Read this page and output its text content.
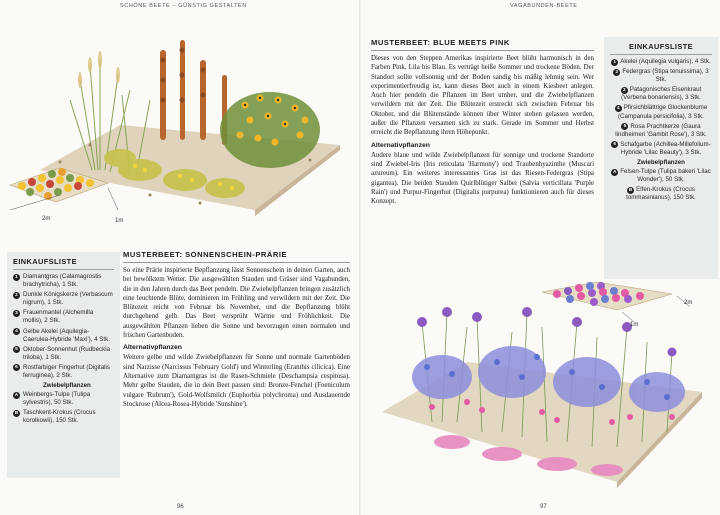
SCHÖNE BEETE – GÜNSTIG GESTALTEN	VAGABUNDEN-BEETE
2m	1m
EINKAUFSLISTE
1 Diamantgras (Calamagrostis brachytricha), 1 Stk.
2 Dunkle Königskerze (Verbascum nigrum), 1 Stk.
3 Frauenmantel (Alchemilla mollis), 2 Stk.
4 Gelbe Akelei (Aquilegia-Caerulea-Hybride 'Maxi'), 4 Stk.
5 Oktober-Sonnenhut (Rudbeckia triloba), 1 Stk.
6 Rostfarbiger Fingerhut (Digitalis ferruginea), 2 Stk.
Zwiebelpflanzen
A Weinbergs-Tulpe (Tulipa sylvestris), 50 Stk.
B Taschkent-Krokus (Crocus korolkowii), 150 Stk.
MUSTERBEET: SONNENSCHEIN-PRÄRIE

So eine Prärie inspirierte Bepflanzung lässt Sonnenschein in deinen Garten, auch bei bewölktem Wetter. Die ausgewählten Stauden und Gräser sind Vagabunden, die in den Jahren durch das Beet pendeln. Die Zwiebelpflanzen bringen zusätzlich eine leuchtende Blüte, dominieren im Frühling und verwildern mit der Zeit. Die Blütezeit reicht von Februar bis November, und die Bepflanzung blüht durchgehend gelb. Das Beet versprüht Wärme und Fröhlichkeit. Die ausgewählten Pflanzen lieben die Sonne und bevorzugen einen normalen und frischen Gartenboden.

Alternativpflanzen

Weitere gelbe und wilde Zwiebelpflanzen für Sonne und normale Gartenböden sind Narzisse (Narcissus 'February Gold') und Winterling (Eranthis cilicica). Eine Alternative zum Diamantgras ist die Rasen-Schmiele (Deschampsia cespitosa). Mehr gelbe Stauden, die in dein Beet passen sind: Bronze-Fenchel (Foeniculum vulgare 'Rubrum'), Gold-Wolfsmilch (Euphorbia polychroma) und Ausdauernde Stockrose (Alcea-Rosea-Hybride 'Sunshine').

96
MUSTERBEET: BLUE MEETS PINK

Dieses von den Steppen Amerikas inspirierte Beet blüht harmonisch in den Farben Pink, Lila bis Blau. Es verträgt heiße Sommer und trockene Böden. Der Standort sollte vollsonnig und der Boden sandig bis mäßig lehmig sein. Wer experimentierfreudig ist, kann dieses Beet auch in einem Kiesbeet anlegen. Auch hier pendeln die Pflanzen im Beet umher, und die Zwiebelpflanzen verwildern mit der Zeit. Die Blütezeit erstreckt sich zwischen Februar bis Oktober, und die Blütenstände können über Winter stehen gelassen werden, außer die Pflanzen versamen sich zu stark. Gerade im Sommer und Herbst erreicht die Bepflanzung ihren Höhepunkt.

Alternativpflanzen

Andere blaue und wilde Zwiebelpflanzen für sonnige und trockene Standorte sind Zwiebel-Iris (Iris reticulata 'Harmony') und Traubenhyazinthe (Muscari azureum). Ein weiteres interessantes Gras ist das Riesen-Federgras (Stipa gigantea). Die beiden Stauden Quirlblütiger Salbei (Salvia verticillata 'Purple Rain') und Purpur-Fingerhut (Digitalis purpurea) funktionieren auch für dieses Konzept.

EINKAUFSLISTE
1 Akelei (Aquilegia vulgaris), 4 Stk.
2 Federgras (Stipa tenuissima), 3 Stk.
3 Patagonisches Eisenkraut (Verbena bonariensis), 3 Stk.
4 Pfirsichblättrige Glockenblume (Campanula persicifolia), 3 Stk.
5 Rosa Prachtkerze (Gaura lindheimeri 'Gambit Rose'), 3 Stk.
6 Schafgarbe (Achillea-Millefolium-Hybride 'Lilac Beauty'), 3 Stk.
Zwiebelpflanzen
A Felsen-Tulpe (Tulipa bakeri 'Lilac Wonder'), 50 Stk.
B Elfen-Krokus (Crocus tommasinianus), 150 Stk.
2m
1m
97
